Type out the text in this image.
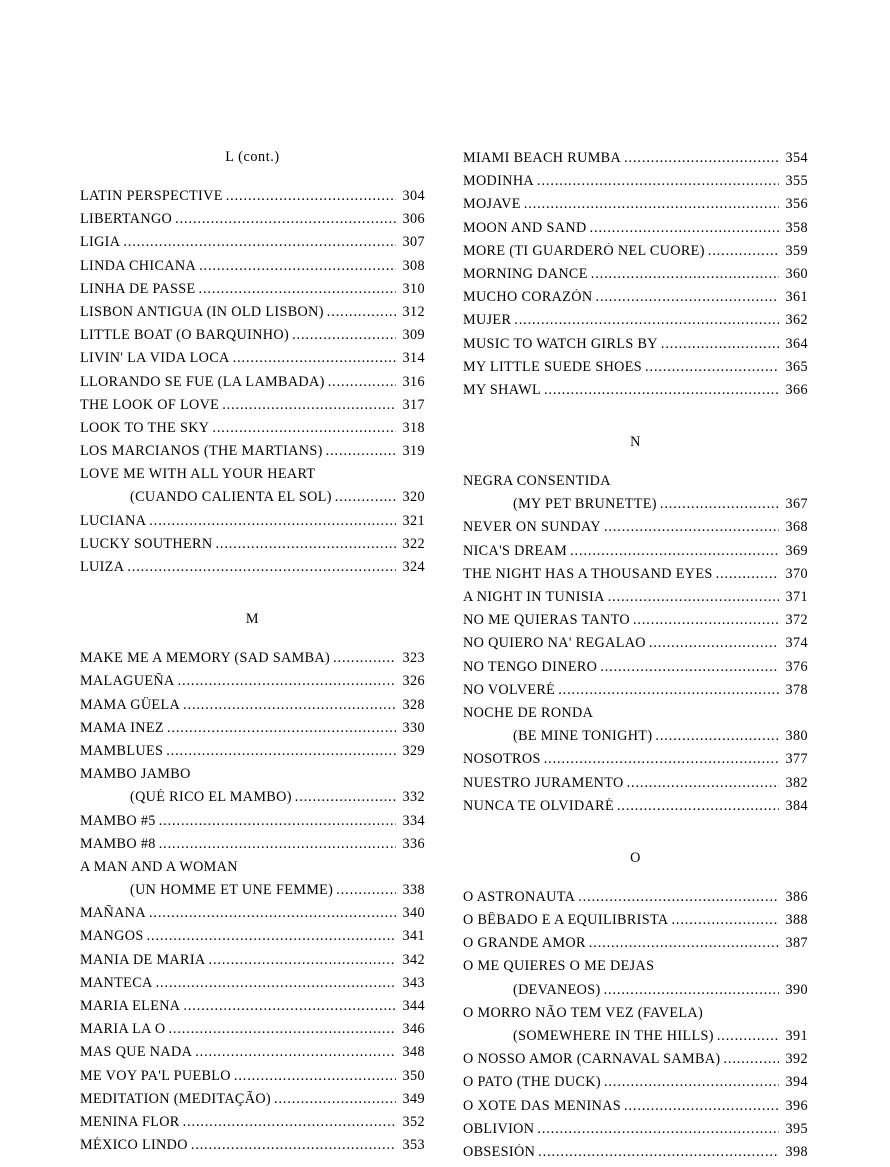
L (cont.)
LATIN PERSPECTIVE .....	304
LIBERTANGO .....	306
LIGIA .....	307
LINDA CHICANA .....	308
LINHA DE PASSE .....	310
LISBON ANTIGUA (IN OLD LISBON) .....	312
LITTLE BOAT (O BARQUINHO) .....	309
LIVIN' LA VIDA LOCA .....	314
LLORANDO SE FUE (LA LAMBADA) .....	316
THE LOOK OF LOVE .....	317
LOOK TO THE SKY .....	318
LOS MARCIANOS (THE MARTIANS) .....	319
LOVE ME WITH ALL YOUR HEART
(CUANDO CALIENTA EL SOL) .....	320
LUCIANA .....	321
LUCKY SOUTHERN .....	322
LUIZA .....	324
M
MAKE ME A MEMORY (SAD SAMBA) .....	323
MALAGUEÑA .....	326
MAMA GÜELA .....	328
MAMA INEZ .....	330
MAMBLUES .....	329
MAMBO JAMBO
(QUÉ RICO EL MAMBO) .....	332
MAMBO #5 .....	334
MAMBO #8 .....	336
A MAN AND A WOMAN
(UN HOMME ET UNE FEMME) .....	338
MAÑANA .....	340
MANGOS .....	341
MANIA DE MARIA .....	342
MANTECA .....	343
MARIA ELENA .....	344
MARIA LA O .....	346
MAS QUE NADA .....	348
ME VOY PA'L PUEBLO .....	350
MEDITATION (MEDITAÇÃO) .....	349
MENINA FLOR .....	352
MÉXICO LINDO .....	353
MIAMI BEACH RUMBA .....	354
MODINHA .....	355
MOJAVE .....	356
MOON AND SAND .....	358
MORE (TI GUARDERÒ NEL CUORE) .....	359
MORNING DANCE .....	360
MUCHO CORAZÓN .....	361
MUJER .....	362
MUSIC TO WATCH GIRLS BY .....	364
MY LITTLE SUEDE SHOES .....	365
MY SHAWL .....	366
N
NEGRA CONSENTIDA
(MY PET BRUNETTE) .....	367
NEVER ON SUNDAY .....	368
NICA'S DREAM .....	369
THE NIGHT HAS A THOUSAND EYES .....	370
A NIGHT IN TUNISIA .....	371
NO ME QUIERAS TANTO .....	372
NO QUIERO NA' REGALAO .....	374
NO TENGO DINERO .....	376
NO VOLVERÉ .....	378
NOCHE DE RONDA
(BE MINE TONIGHT) .....	380
NOSOTROS .....	377
NUESTRO JURAMENTO .....	382
NUNCA TE OLVIDARÉ .....	384
O
O ASTRONAUTA .....	386
O BÊBADO E A EQUILIBRISTA .....	388
O GRANDE AMOR .....	387
O ME QUIERES O ME DEJAS
(DEVANEOS) .....	390
O MORRO NÃO TEM VEZ (FAVELA)
(SOMEWHERE IN THE HILLS) .....	391
O NOSSO AMOR (CARNAVAL SAMBA) .....	392
O PATO (THE DUCK) .....	394
O XOTE DAS MENINAS .....	396
OBLIVION .....	395
OBSESIÓN .....	398
